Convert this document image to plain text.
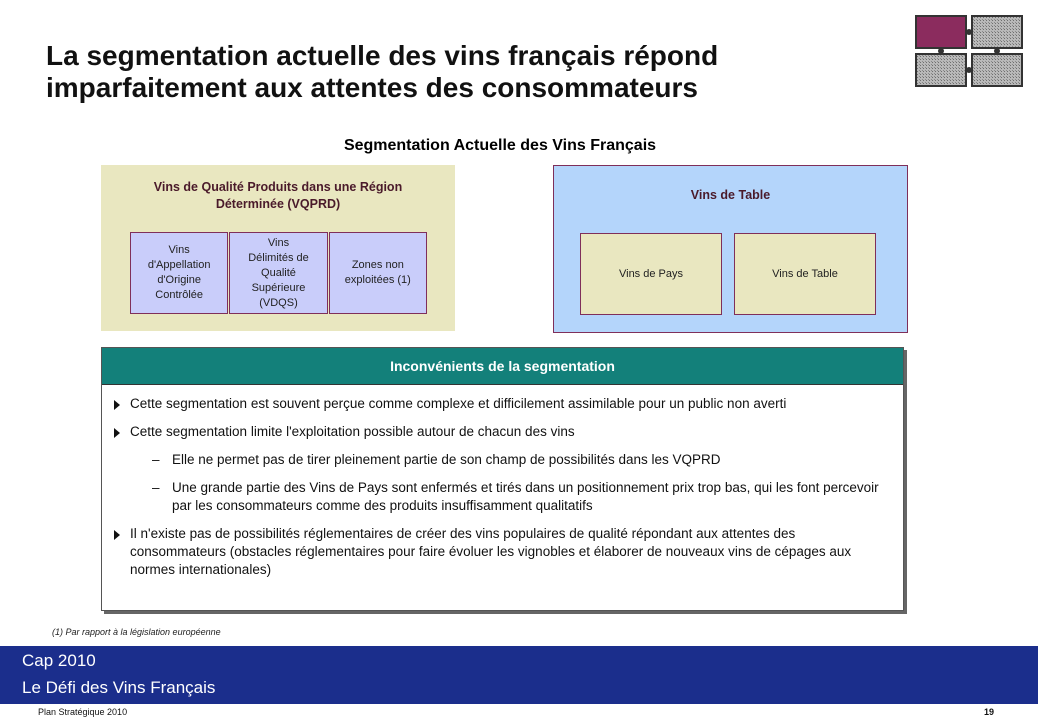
La segmentation actuelle des vins français répond
imparfaitement aux attentes des consommateurs
Segmentation Actuelle des Vins Français
Vins de Qualité Produits dans une Région
Déterminée (VQPRD)
Vins
d'Appellation
d'Origine
Contrôlée
Vins
Délimités de
Qualité
Supérieure
(VDQS)
Zones non
exploitées (1)
Vins de Table
Vins de Pays	Vins de Table
Inconvénients de la segmentation
Cette segmentation est souvent perçue comme complexe et difficilement assimilable pour un public non averti
Cette segmentation limite l'exploitation possible autour de chacun des vins
– Elle ne permet pas de tirer pleinement partie de son champ de possibilités dans les VQPRD
– Une grande partie des Vins de Pays sont enfermés et tirés dans un positionnement prix trop bas, qui les font percevoir par les consommateurs comme des produits insuffisamment qualitatifs
Il n'existe pas de possibilités réglementaires de créer des vins populaires de qualité répondant aux attentes des consommateurs (obstacles réglementaires pour faire évoluer les vignobles et élaborer de nouveaux vins de cépages aux normes internationales)
(1) Par rapport à la législation européenne
Cap 2010
Le Défi des Vins Français
Plan Stratégique 2010	19
